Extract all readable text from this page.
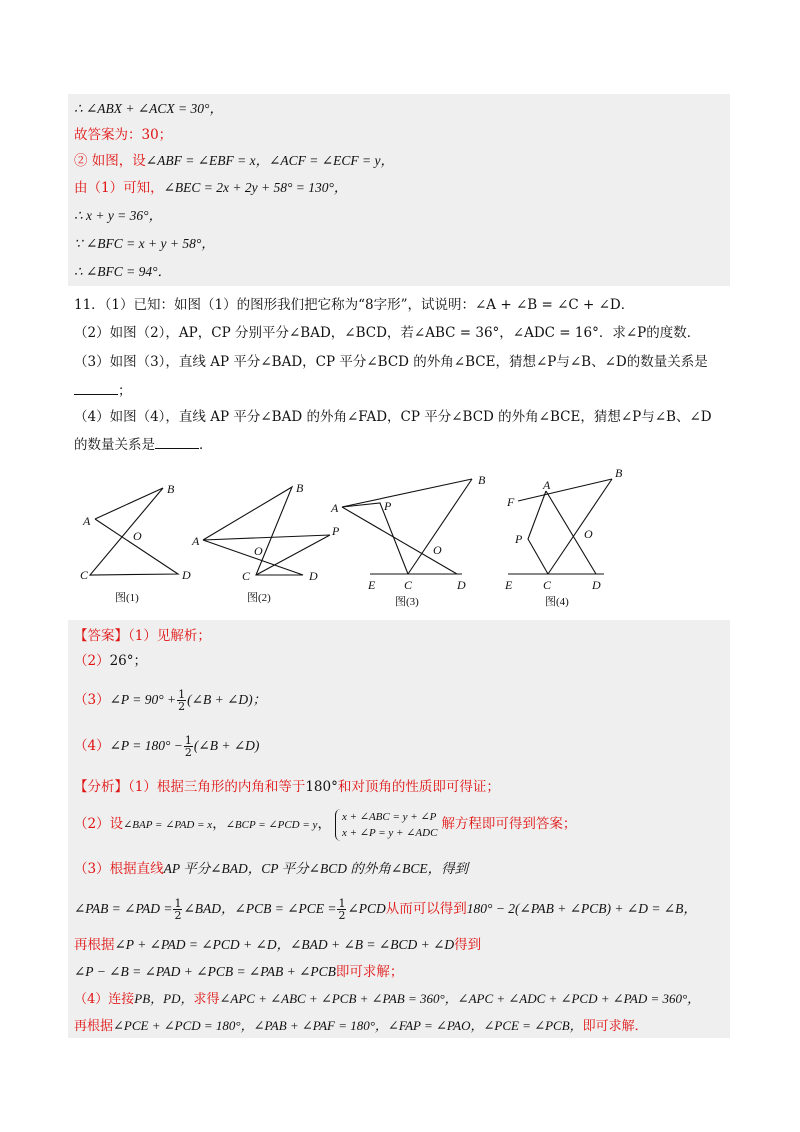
∴ ∠ABX + ∠ACX = 30°，
故答案为：30；
② 如图，设∠ABF = ∠EBF = x，∠ACF = ∠ECF = y，
由（1）可知，∠BEC = 2x + 2y + 58° = 130°，
∴ x + y = 36°，
∵ ∠BFC = x + y + 58°，
∴ ∠BFC = 94°．
11．（1）已知：如图（1）的图形我们把它称为“8字形”，试说明：∠A + ∠B = ∠C + ∠D．
（2）如图（2），AP，CP 分别平分∠BAD，∠BCD，若∠ABC = 36°，∠ADC = 16°．求∠P的度数．
（3）如图（3），直线 AP 平分∠BAD，CP 平分∠BCD 的外角∠BCE，猜想∠P与∠B、∠D的数量关系是
；
（4）如图（4），直线 AP 平分∠BAD 的外角∠FAD，CP 平分∠BCD 的外角∠BCE，猜想∠P与∠B、∠D
的数量关系是	．
A
B
C	D
O
图(1)
A
B
C	D
O
P
图(2)
A
B
C	D
O
P
E
图(3)
A
B
C	D
O
P
E
F
图(4)
【答案】（1）见解析；
（2）26°；
（3）∠P = $90^\circ + \frac{1}{2}$ (∠B + ∠D)；
（4）∠P = $180^\circ - \frac{1}{2}$ (∠B + ∠D)
【分析】（1）根据三角形的内角和等于180°和对顶角的性质即可得证；
（2）设∠BAP = ∠PAD = x，∠BCP = ∠PCD = y， x + ∠ABC = y + ∠P
x + ∠P = y + ∠ADC
解方程即可得到答案；
（3）根据直线AP 平分∠BAD，CP 平分∠BCD 的外角∠BCE，得到
∠PAB = ∠PAD = $\frac{1}{2}$ ∠BAD，∠PCB = ∠PCE = $\frac{1}{2}$ ∠PCD从而可以得到180° − 2(∠PAB + ∠PCB) + ∠D = ∠B，
再根据∠P + ∠PAD = ∠PCD + ∠D，∠BAD + ∠B = ∠BCD + ∠D得到
∠P − ∠B = ∠PAD + ∠PCB = ∠PAB + ∠PCB即可求解；
（4）连接PB，PD，求得∠APC + ∠ABC + ∠PCB + ∠PAB = 360°，∠APC + ∠ADC + ∠PCD + ∠PAD = 360°，
再根据∠PCE + ∠PCD = 180°，∠PAB + ∠PAF = 180°，∠FAP = ∠PAO，∠PCE = ∠PCB，即可求解．
